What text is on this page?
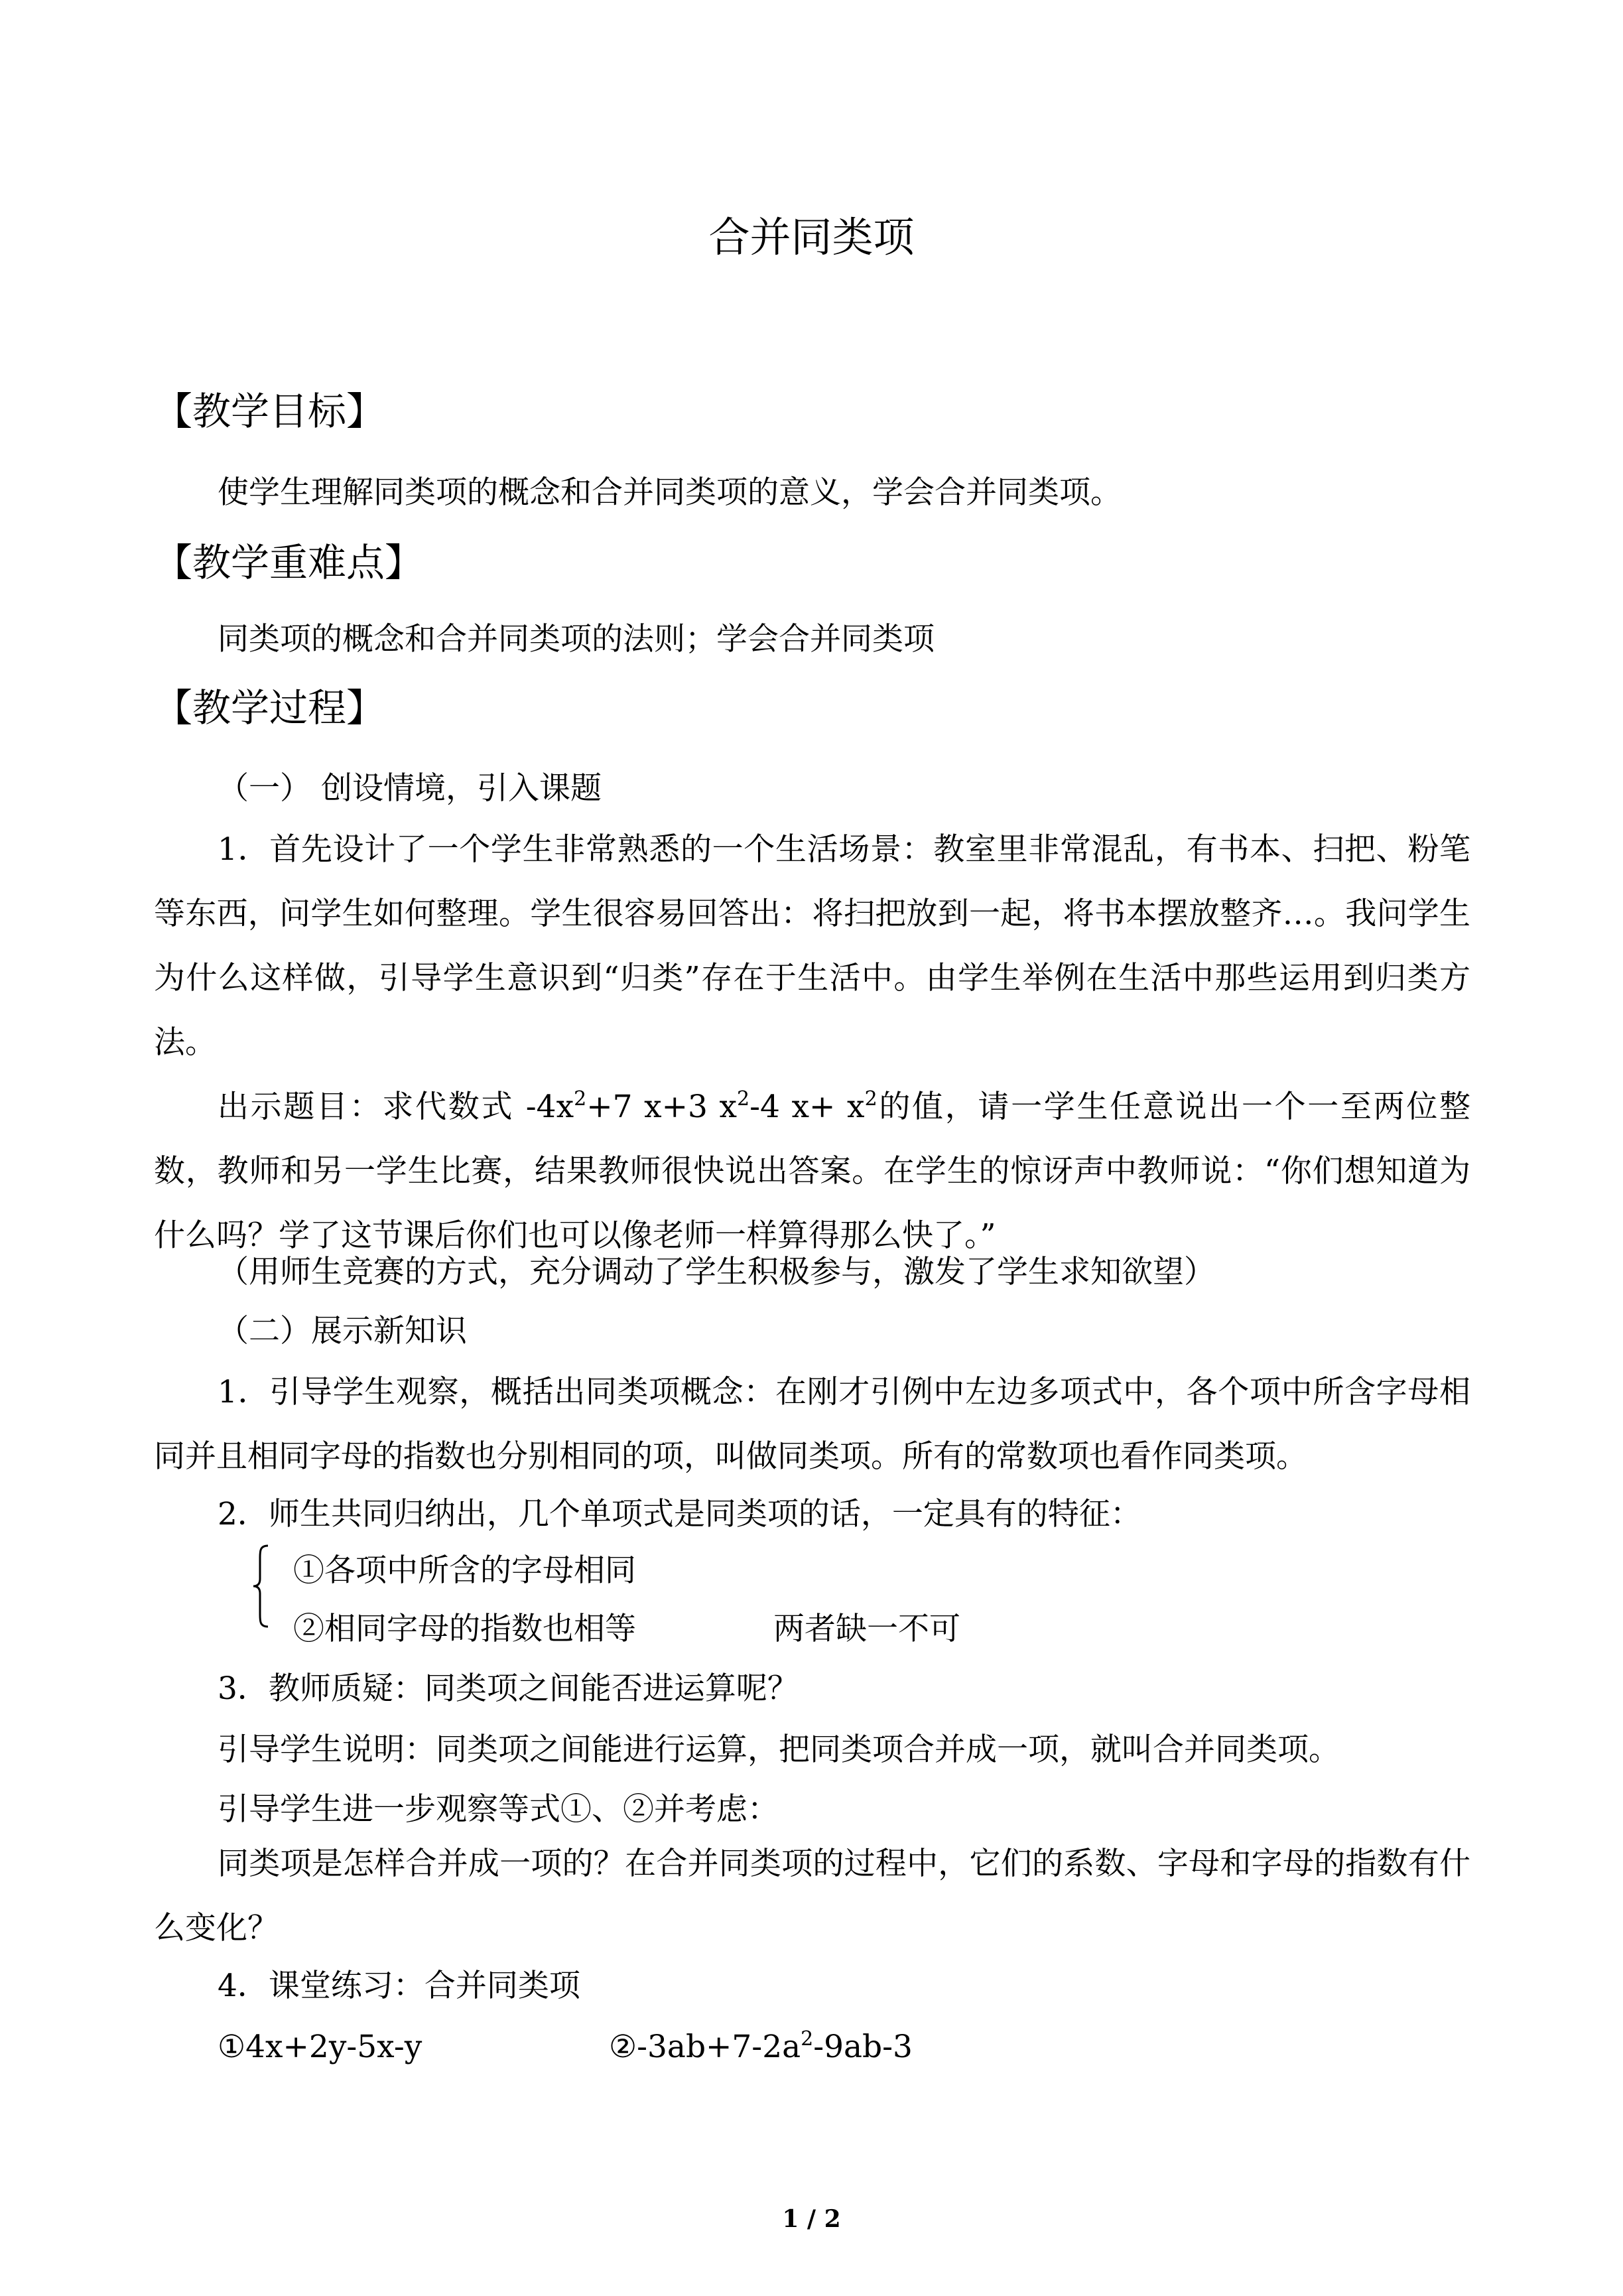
合并同类项
【教学目标】
使学生理解同类项的概念和合并同类项的意义，学会合并同类项。
【教学重难点】
同类项的概念和合并同类项的法则；学会合并同类项
【教学过程】
（一） 创设情境，引入课题

1．首先设计了一个学生非常熟悉的一个生活场景：教室里非常混乱，有书本、扫把、粉笔等东西，问学生如何整理。学生很容易回答出：将扫把放到一起，将书本摆放整齐…。我问学生为什么这样做，引导学生意识到“归类”存在于生活中。由学生举例在生活中那些运用到归类方法。

出示题目：求代数式 $-4x^2+7$ x+3 $x^2-4$ $x+ x^2$的值，请一学生任意说出一个一至两位整数，教师和另一学生比赛，结果教师很快说出答案。在学生的惊讶声中教师说：“你们想知道为什么吗？学了这节课后你们也可以像老师一样算得那么快了。”

（用师生竞赛的方式，充分调动了学生积极参与，激发了学生求知欲望）
（二）展示新知识

1．引导学生观察，概括出同类项概念：在刚才引例中左边多项式中，各个项中所含字母相同并且相同字母的指数也分别相同的项，叫做同类项。所有的常数项也看作同类项。

2．师生共同归纳出，几个单项式是同类项的话，一定具有的特征：
①各项中所含的字母相同
②相同字母的指数也相等	两者缺一不可
3．教师质疑：同类项之间能否进运算呢？
引导学生说明：同类项之间能进行运算，把同类项合并成一项，就叫合并同类项。
引导学生进一步观察等式①、②并考虑：

同类项是怎样合并成一项的？在合并同类项的过程中，它们的系数、字母和字母的指数有什么变化？

4．课堂练习：合并同类项
①4x+2y-5x-y	$②-3ab+7-2a^2-9ab-3$
1 / 2
